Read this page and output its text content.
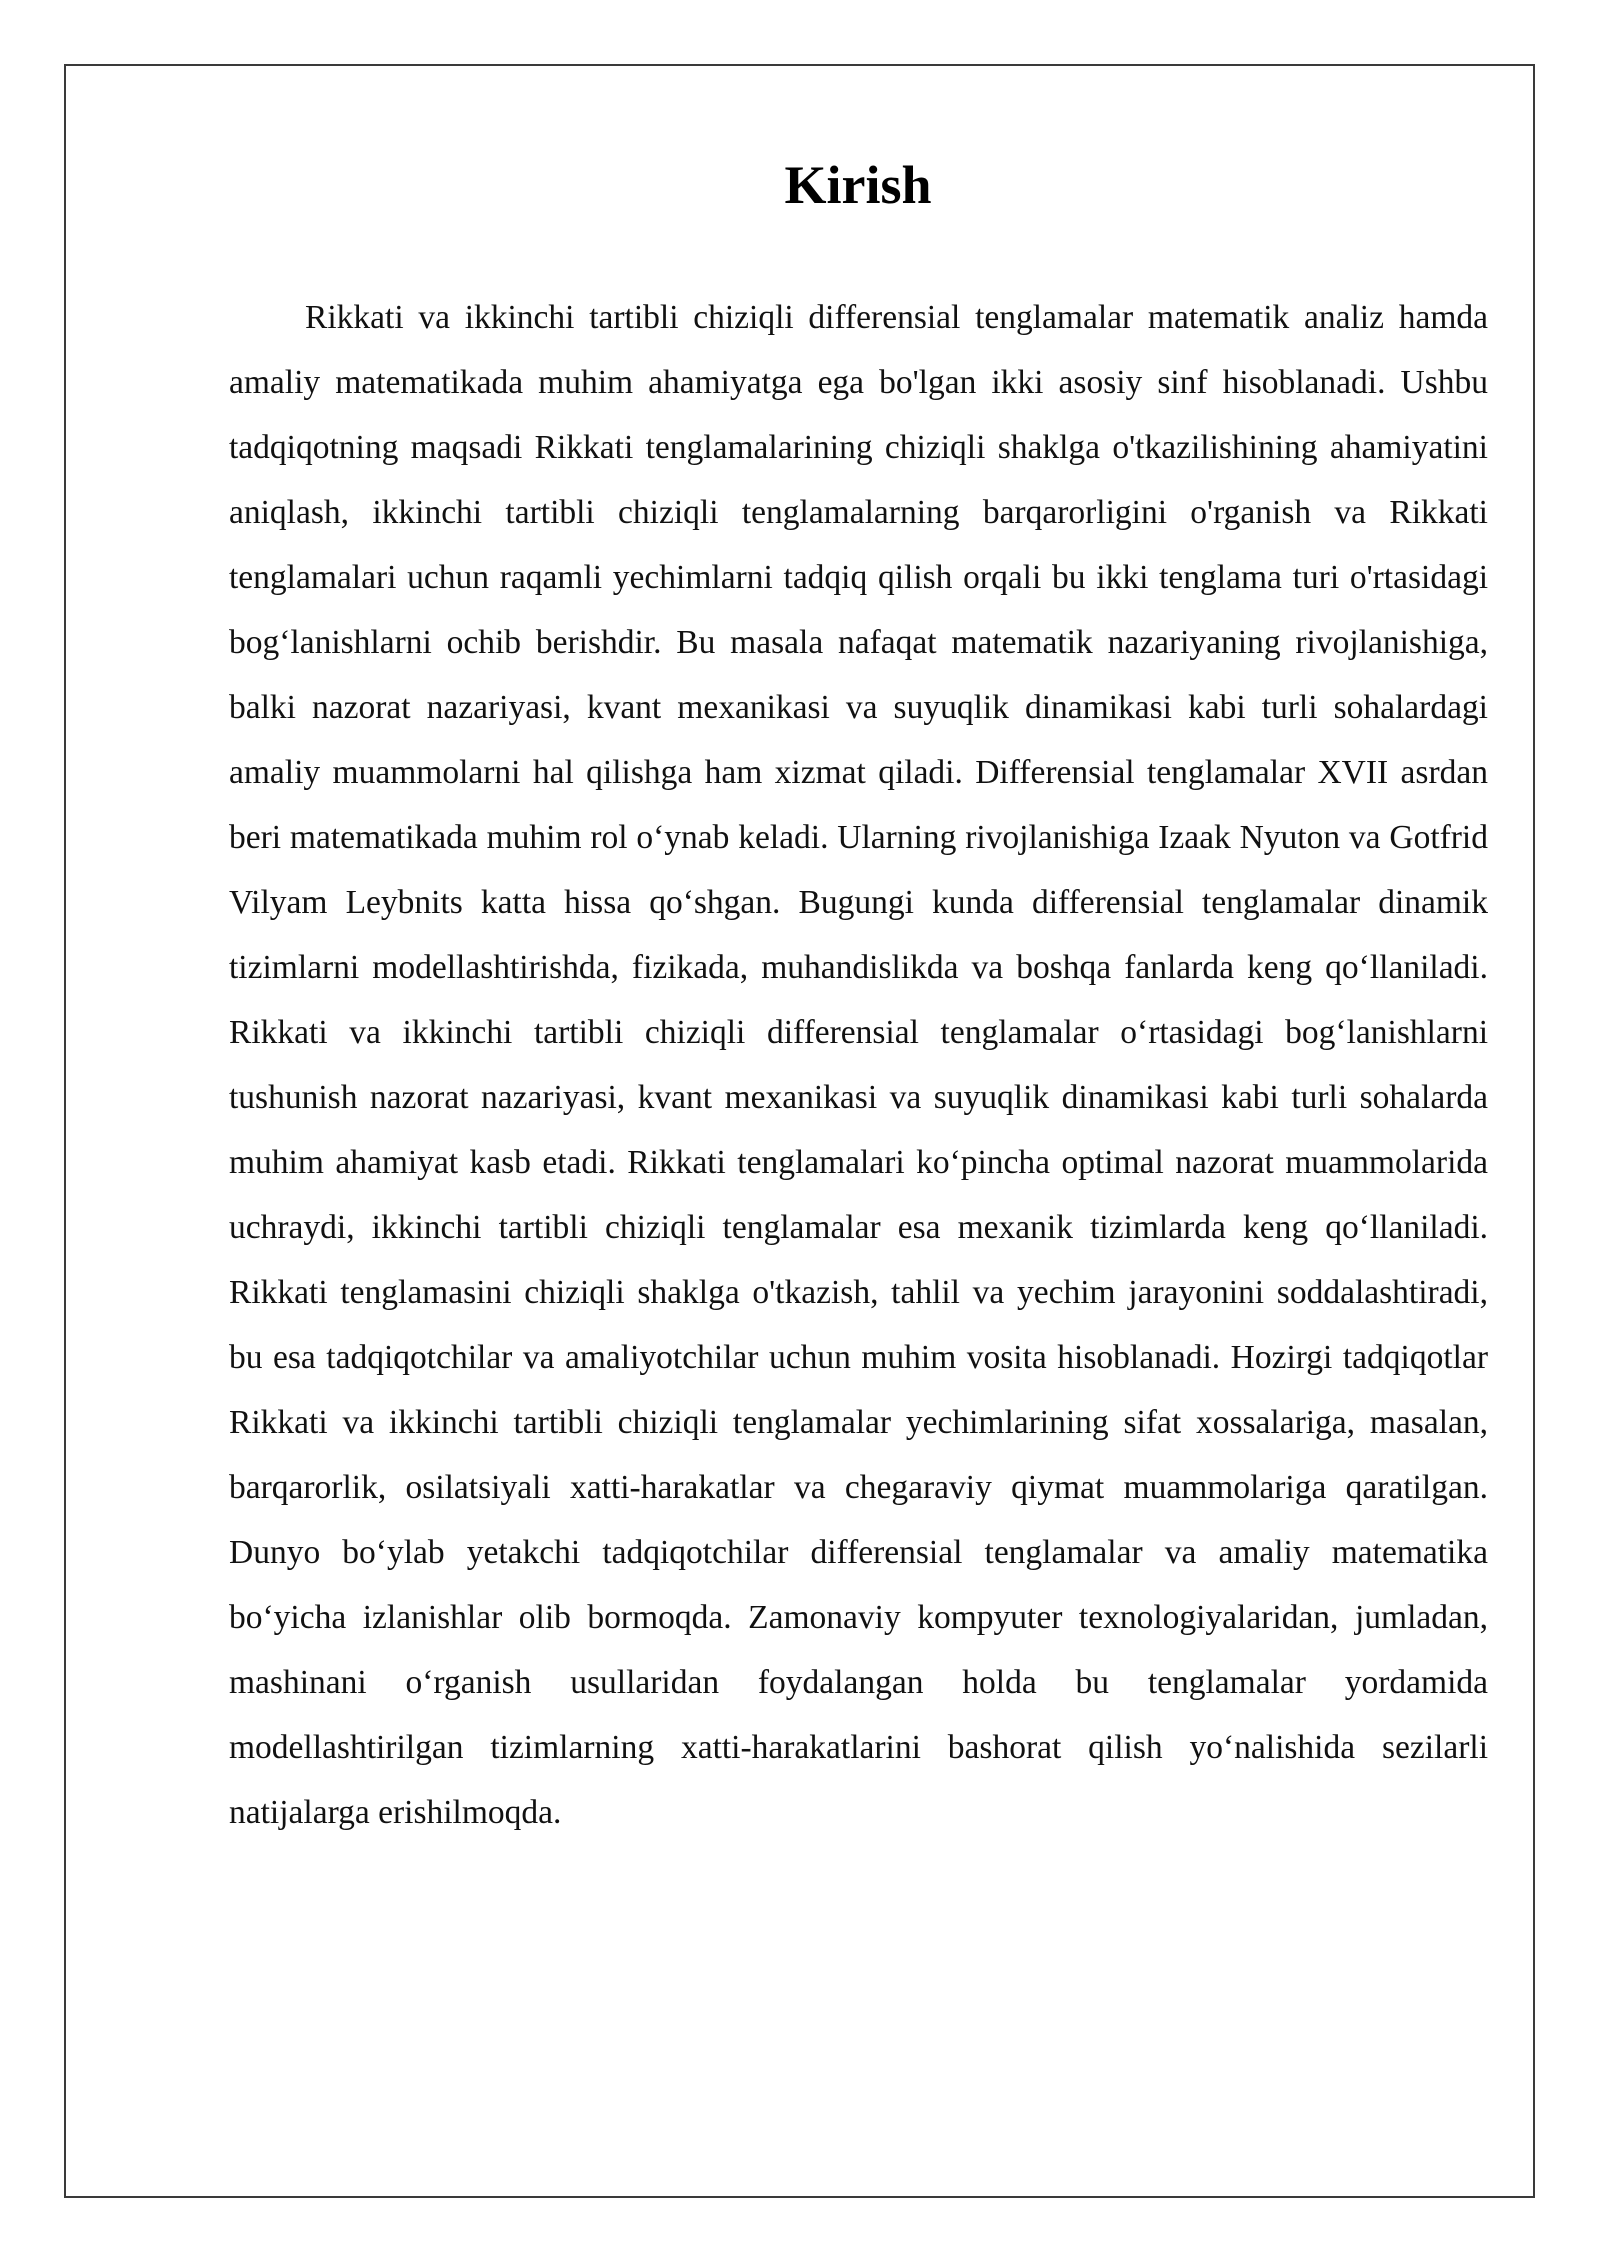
Kirish

Rikkati va ikkinchi tartibli chiziqli differensial tenglamalar matematik analiz hamda amaliy matematikada muhim ahamiyatga ega bo'lgan ikki asosiy sinf hisoblanadi. Ushbu tadqiqotning maqsadi Rikkati tenglamalarining chiziqli shaklga o'tkazilishining ahamiyatini aniqlash, ikkinchi tartibli chiziqli tenglamalarning barqarorligini o'rganish va Rikkati tenglamalari uchun raqamli yechimlarni tadqiq qilish orqali bu ikki tenglama turi o'rtasidagi bog‘lanishlarni ochib berishdir. Bu masala nafaqat matematik nazariyaning rivojlanishiga, balki nazorat nazariyasi, kvant mexanikasi va suyuqlik dinamikasi kabi turli sohalardagi amaliy muammolarni hal qilishga ham xizmat qiladi. Differensial tenglamalar XVII asrdan beri matematikada muhim rol o‘ynab keladi. Ularning rivojlanishiga Izaak Nyuton va Gotfrid Vilyam Leybnits katta hissa qo‘shgan. Bugungi kunda differensial tenglamalar dinamik tizimlarni modellashtirishda, fizikada, muhandislikda va boshqa fanlarda keng qo‘llaniladi. Rikkati va ikkinchi tartibli chiziqli differensial tenglamalar o‘rtasidagi bog‘lanishlarni tushunish nazorat nazariyasi, kvant mexanikasi va suyuqlik dinamikasi kabi turli sohalarda muhim ahamiyat kasb etadi. Rikkati tenglamalari ko‘pincha optimal nazorat muammolarida uchraydi, ikkinchi tartibli chiziqli tenglamalar esa mexanik tizimlarda keng qo‘llaniladi. Rikkati tenglamasini chiziqli shaklga o'tkazish, tahlil va yechim jarayonini soddalashtiradi, bu esa tadqiqotchilar va amaliyotchilar uchun muhim vosita hisoblanadi. Hozirgi tadqiqotlar Rikkati va ikkinchi tartibli chiziqli tenglamalar yechimlarining sifat xossalariga, masalan, barqarorlik, osilatsiyali xatti-harakatlar va chegaraviy qiymat muammolariga qaratilgan. Dunyo bo‘ylab yetakchi tadqiqotchilar differensial tenglamalar va amaliy matematika bo‘yicha izlanishlar olib bormoqda. Zamonaviy kompyuter texnologiyalaridan, jumladan, mashinani o‘rganish usullaridan foydalangan holda bu tenglamalar yordamida modellashtirilgan tizimlarning xatti-harakatlarini bashorat qilish yo‘nalishida sezilarli natijalarga erishilmoqda.
